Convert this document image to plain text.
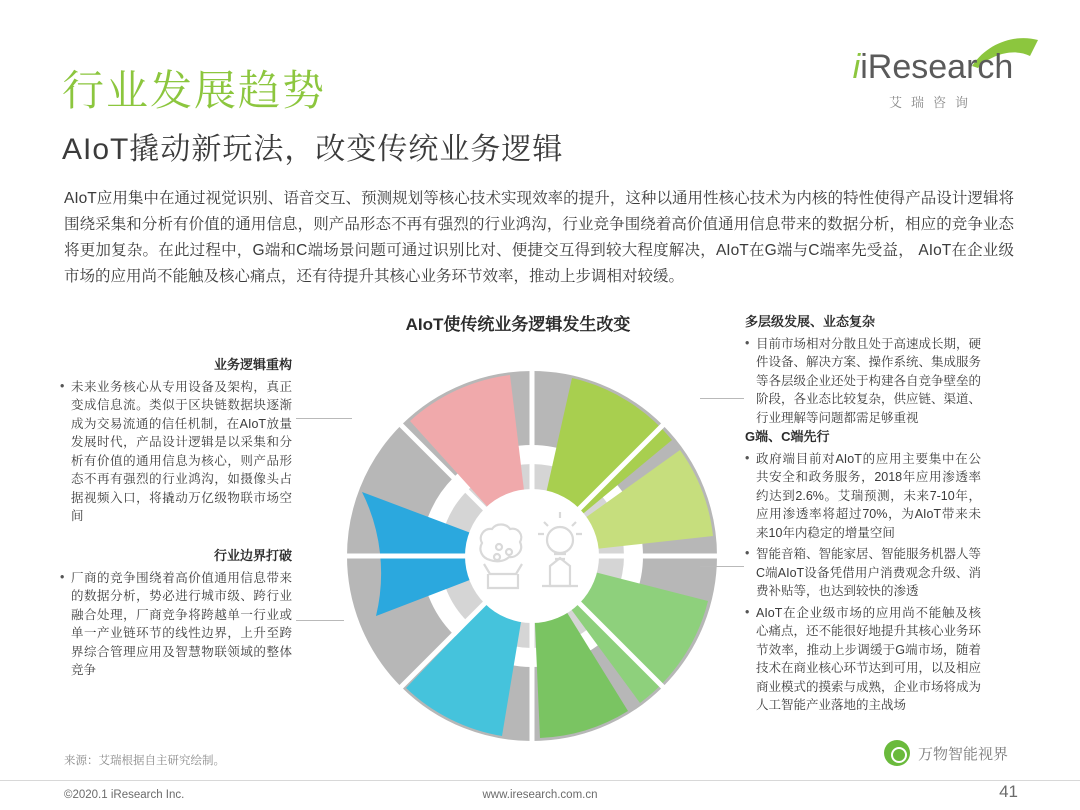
行业发展趋势
AIoT撬动新玩法，改变传统业务逻辑
iiResearch
艾瑞咨询
AIoT应用集中在通过视觉识别、语音交互、预测规划等核心技术实现效率的提升，这种以通用性核心技术为内核的特性使得产品设计逻辑将围绕采集和分析有价值的通用信息，则产品形态不再有强烈的行业鸿沟，行业竞争围绕着高价值通用信息带来的数据分析，相应的竞争业态将更加复杂。在此过程中，G端和C端场景问题可通过识别比对、便捷交互得到较大程度解决，AIoT在G端与C端率先受益， AIoT在企业级市场的应用尚不能触及核心痛点，还有待提升其核心业务环节效率，推动上步调相对较缓。
AIoT使传统业务逻辑发生改变
业务逻辑重构
• 未来业务核心从专用设备及架构，真正变成信息流。类似于区块链数据块逐渐成为交易流通的信任机制，在AIoT放量发展时代，产品设计逻辑是以采集和分析有价值的通用信息为核心，则产品形态不再有强烈的行业鸿沟，如摄像头占据视频入口，将撬动万亿级物联市场空间
行业边界打破
• 厂商的竞争围绕着高价值通用信息带来的数据分析，势必进行城市级、跨行业融合处理，厂商竞争将跨越单一行业或单一产业链环节的线性边界，上升至跨界综合管理应用及智慧物联领域的整体竞争
多层级发展、业态复杂
• 目前市场相对分散且处于高速成长期，硬件设备、解决方案、操作系统、集成服务等各层级企业还处于构建各自竞争壁垒的阶段，各业态比较复杂，供应链、渠道、行业理解等问题都需足够重视
G端、C端先行
• 政府端目前对AIoT的应用主要集中在公共安全和政务服务，2018年应用渗透率约达到2.6%。艾瑞预测，未来7-10年，应用渗透率将超过70%，为AIoT带来未来10年内稳定的增量空间
• 智能音箱、智能家居、智能服务机器人等C端AIoT设备凭借用户消费观念升级、消费补贴等，也达到较快的渗透
• AIoT在企业级市场的应用尚不能触及核心痛点，还不能很好地提升其核心业务环节效率，推动上步调缓于G端市场，随着技术在商业核心环节达到可用，以及相应商业模式的摸索与成熟，企业市场将成为人工智能产业落地的主战场
万物智能视界
来源：艾瑞根据自主研究绘制。
©2020.1 iResearch Inc.	www.iresearch.com.cn	41
